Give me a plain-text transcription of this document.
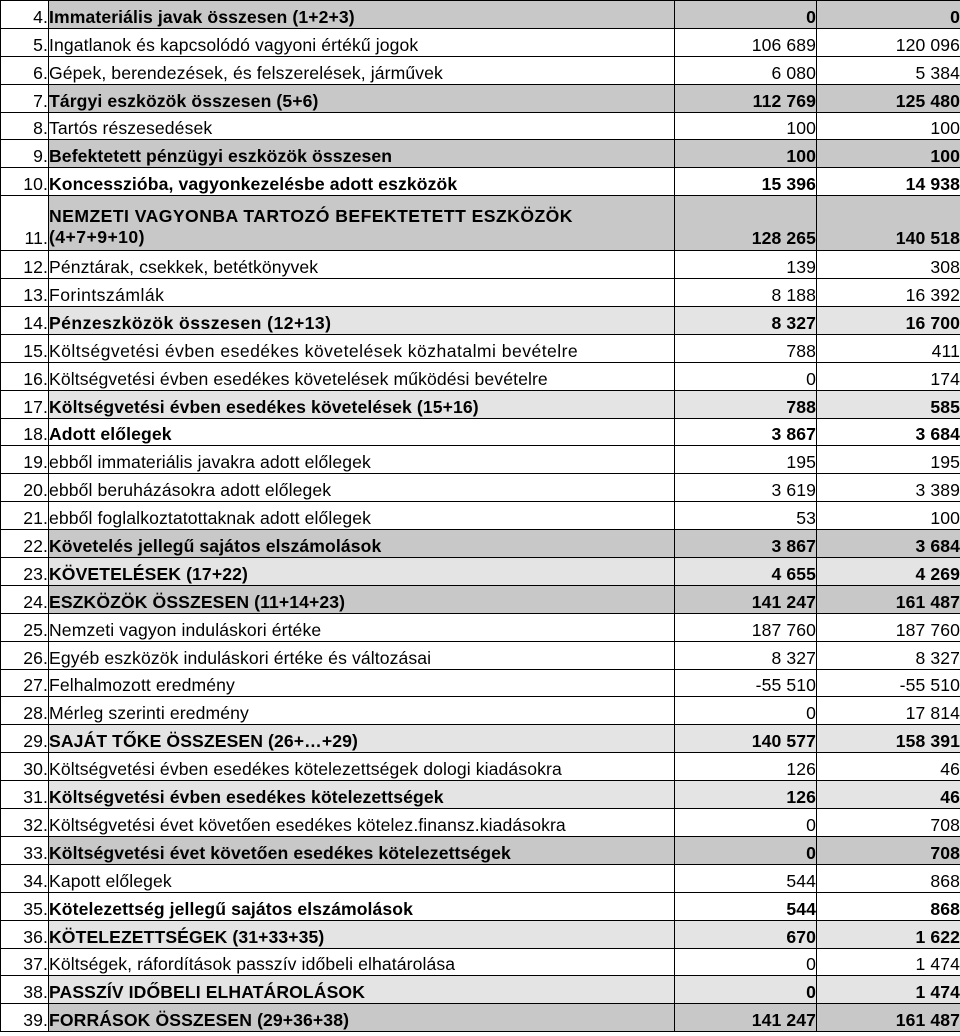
4.	Immateriális javak összesen (1+2+3)	0	0
5.	Ingatlanok és kapcsolódó vagyoni értékű jogok	106 689	120 096
6.	Gépek, berendezések, és felszerelések, járművek	6 080	5 384
7.	Tárgyi eszközök összesen (5+6)	112 769	125 480
8.	Tartós részesedések	100	100
9.	Befektetett pénzügyi eszközök összesen	100	100
10.	Koncesszióba, vagyonkezelésbe adott eszközök	15 396	14 938
11.	NEMZETI VAGYONBA TARTOZÓ BEFEKTETETT ESZKÖZÖK (4+7+9+10)	128 265	140 518
12.	Pénztárak, csekkek, betétkönyvek	139	308
13.	Forintszámlák	8 188	16 392
14.	Pénzeszközök összesen (12+13)	8 327	16 700
15.	Költségvetési évben esedékes követelések közhatalmi bevételre	788	411
16.	Költségvetési évben esedékes követelések működési bevételre	0	174
17.	Költségvetési évben esedékes követelések (15+16)	788	585
18.	Adott előlegek	3 867	3 684
19.	ebből immateriális javakra adott előlegek	195	195
20.	ebből beruházásokra adott előlegek	3 619	3 389
21.	ebből foglalkoztatottaknak adott előlegek	53	100
22.	Követelés jellegű sajátos elszámolások	3 867	3 684
23.	KÖVETELÉSEK (17+22)	4 655	4 269
24.	ESZKÖZÖK ÖSSZESEN (11+14+23)	141 247	161 487
25.	Nemzeti vagyon induláskori értéke	187 760	187 760
26.	Egyéb eszközök induláskori értéke és változásai	8 327	8 327
27.	Felhalmozott eredmény	-55 510	-55 510
28.	Mérleg szerinti eredmény	0	17 814
29.	SAJÁT TŐKE ÖSSZESEN (26+…+29)	140 577	158 391
30.	Költségvetési évben esedékes kötelezettségek dologi kiadásokra	126	46
31.	Költségvetési évben esedékes kötelezettségek	126	46
32.	Költségvetési évet követően esedékes kötelez.finansz.kiadásokra	0	708
33.	Költségvetési évet követően esedékes kötelezettségek	0	708
34.	Kapott előlegek	544	868
35.	Kötelezettség jellegű sajátos elszámolások	544	868
36.	KÖTELEZETTSÉGEK (31+33+35)	670	1 622
37.	Költségek, ráfordítások passzív időbeli elhatárolása	0	1 474
38.	PASSZÍV IDŐBELI ELHATÁROLÁSOK	0	1 474
39.	FORRÁSOK ÖSSZESEN (29+36+38)	141 247	161 487
